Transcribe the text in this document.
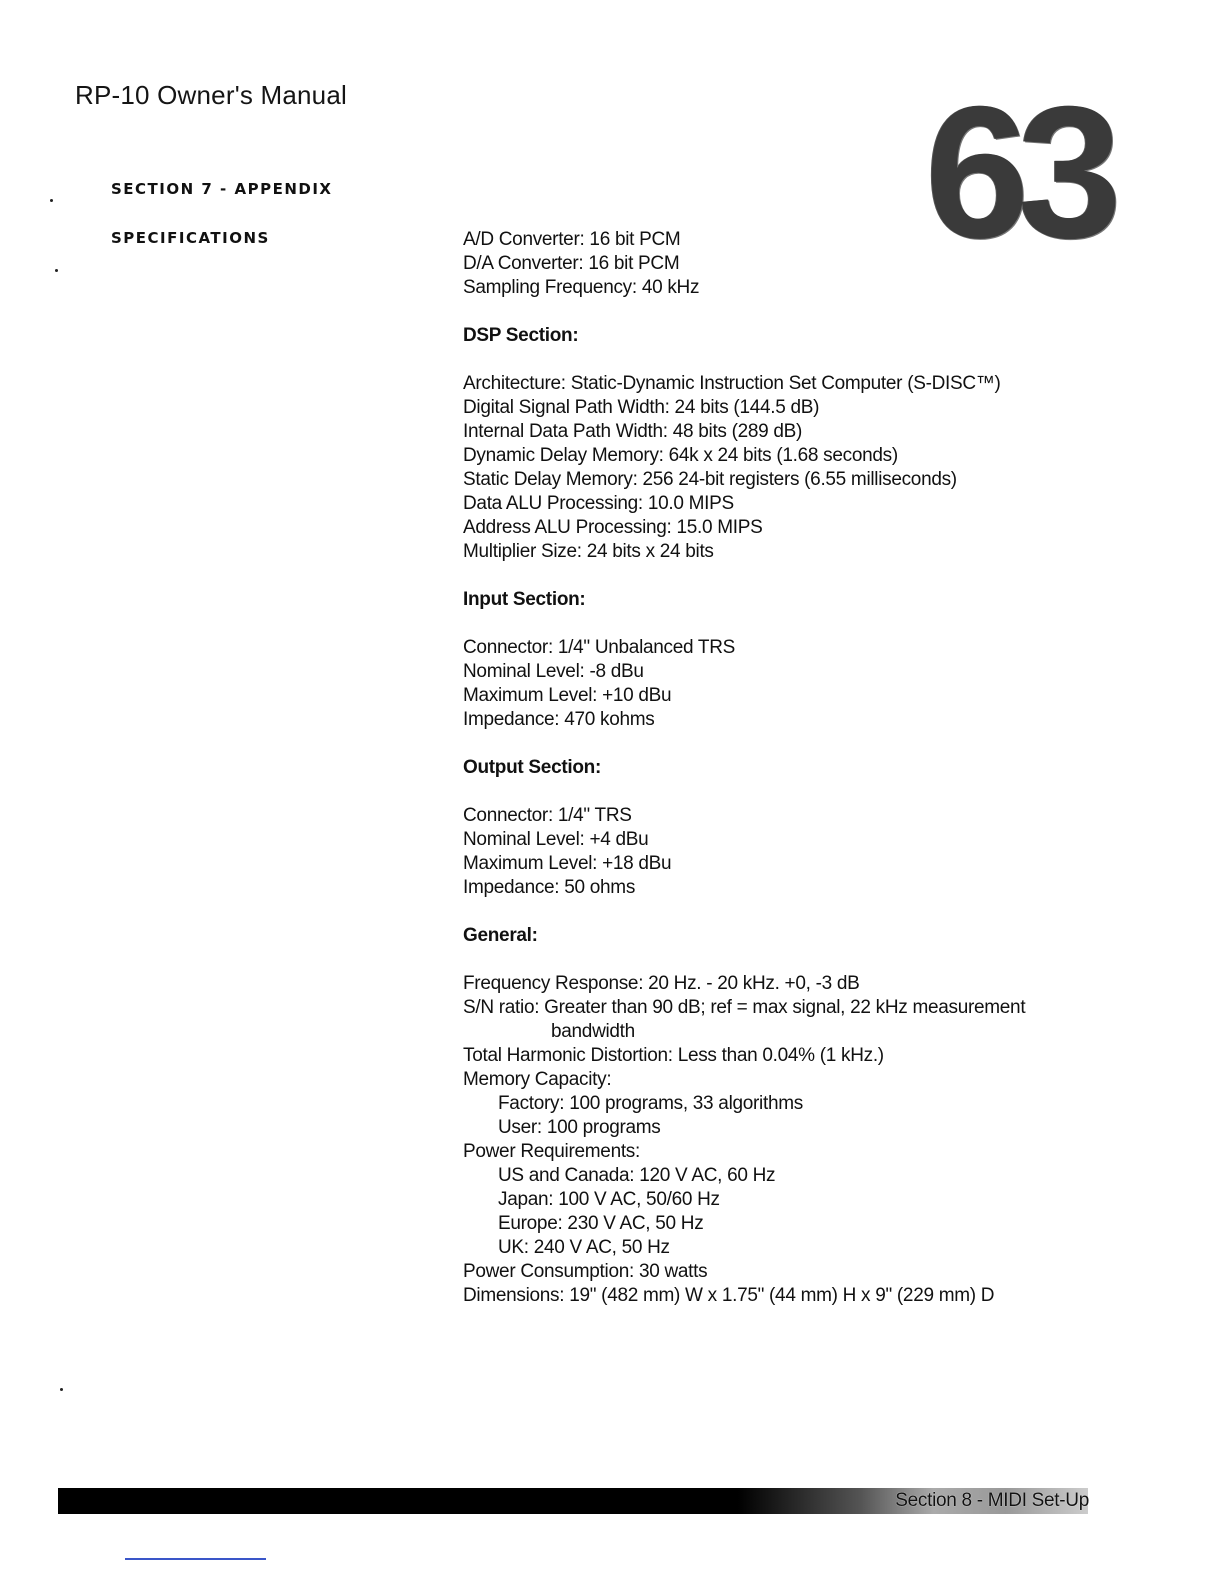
RP-10 Owner's Manual	63
SECTION 7 - APPENDIX
SPECIFICATIONS	A/D Converter: 16 bit PCM
D/A Converter: 16 bit PCM
Sampling Frequency: 40 kHz
DSP Section:
Architecture: Static-Dynamic Instruction Set Computer (S-DISC™)
Digital Signal Path Width: 24 bits (144.5 dB)
Internal Data Path Width: 48 bits (289 dB)
Dynamic Delay Memory: 64k x 24 bits (1.68 seconds)
Static Delay Memory: 256 24-bit registers (6.55 milliseconds)
Data ALU Processing: 10.0 MIPS
Address ALU Processing: 15.0 MIPS
Multiplier Size: 24 bits x 24 bits
Input Section:
Connector: 1/4" Unbalanced TRS
Nominal Level: -8 dBu
Maximum Level: +10 dBu
Impedance: 470 kohms
Output Section:
Connector: 1/4" TRS
Nominal Level: +4 dBu
Maximum Level: +18 dBu
Impedance: 50 ohms
General:
Frequency Response: 20 Hz. - 20 kHz. +0, -3 dB
S/N ratio: Greater than 90 dB; ref = max signal, 22 kHz measurement
bandwidth
Total Harmonic Distortion: Less than 0.04% (1 kHz.)
Memory Capacity:
Factory: 100 programs, 33 algorithms
User: 100 programs
Power Requirements:
US and Canada: 120 V AC, 60 Hz
Japan: 100 V AC, 50/60 Hz
Europe: 230 V AC, 50 Hz
UK: 240 V AC, 50 Hz
Power Consumption: 30 watts
Dimensions: 19" (482 mm) W x 1.75" (44 mm) H x 9" (229 mm) D
Section 8 - MIDI Set-Up
